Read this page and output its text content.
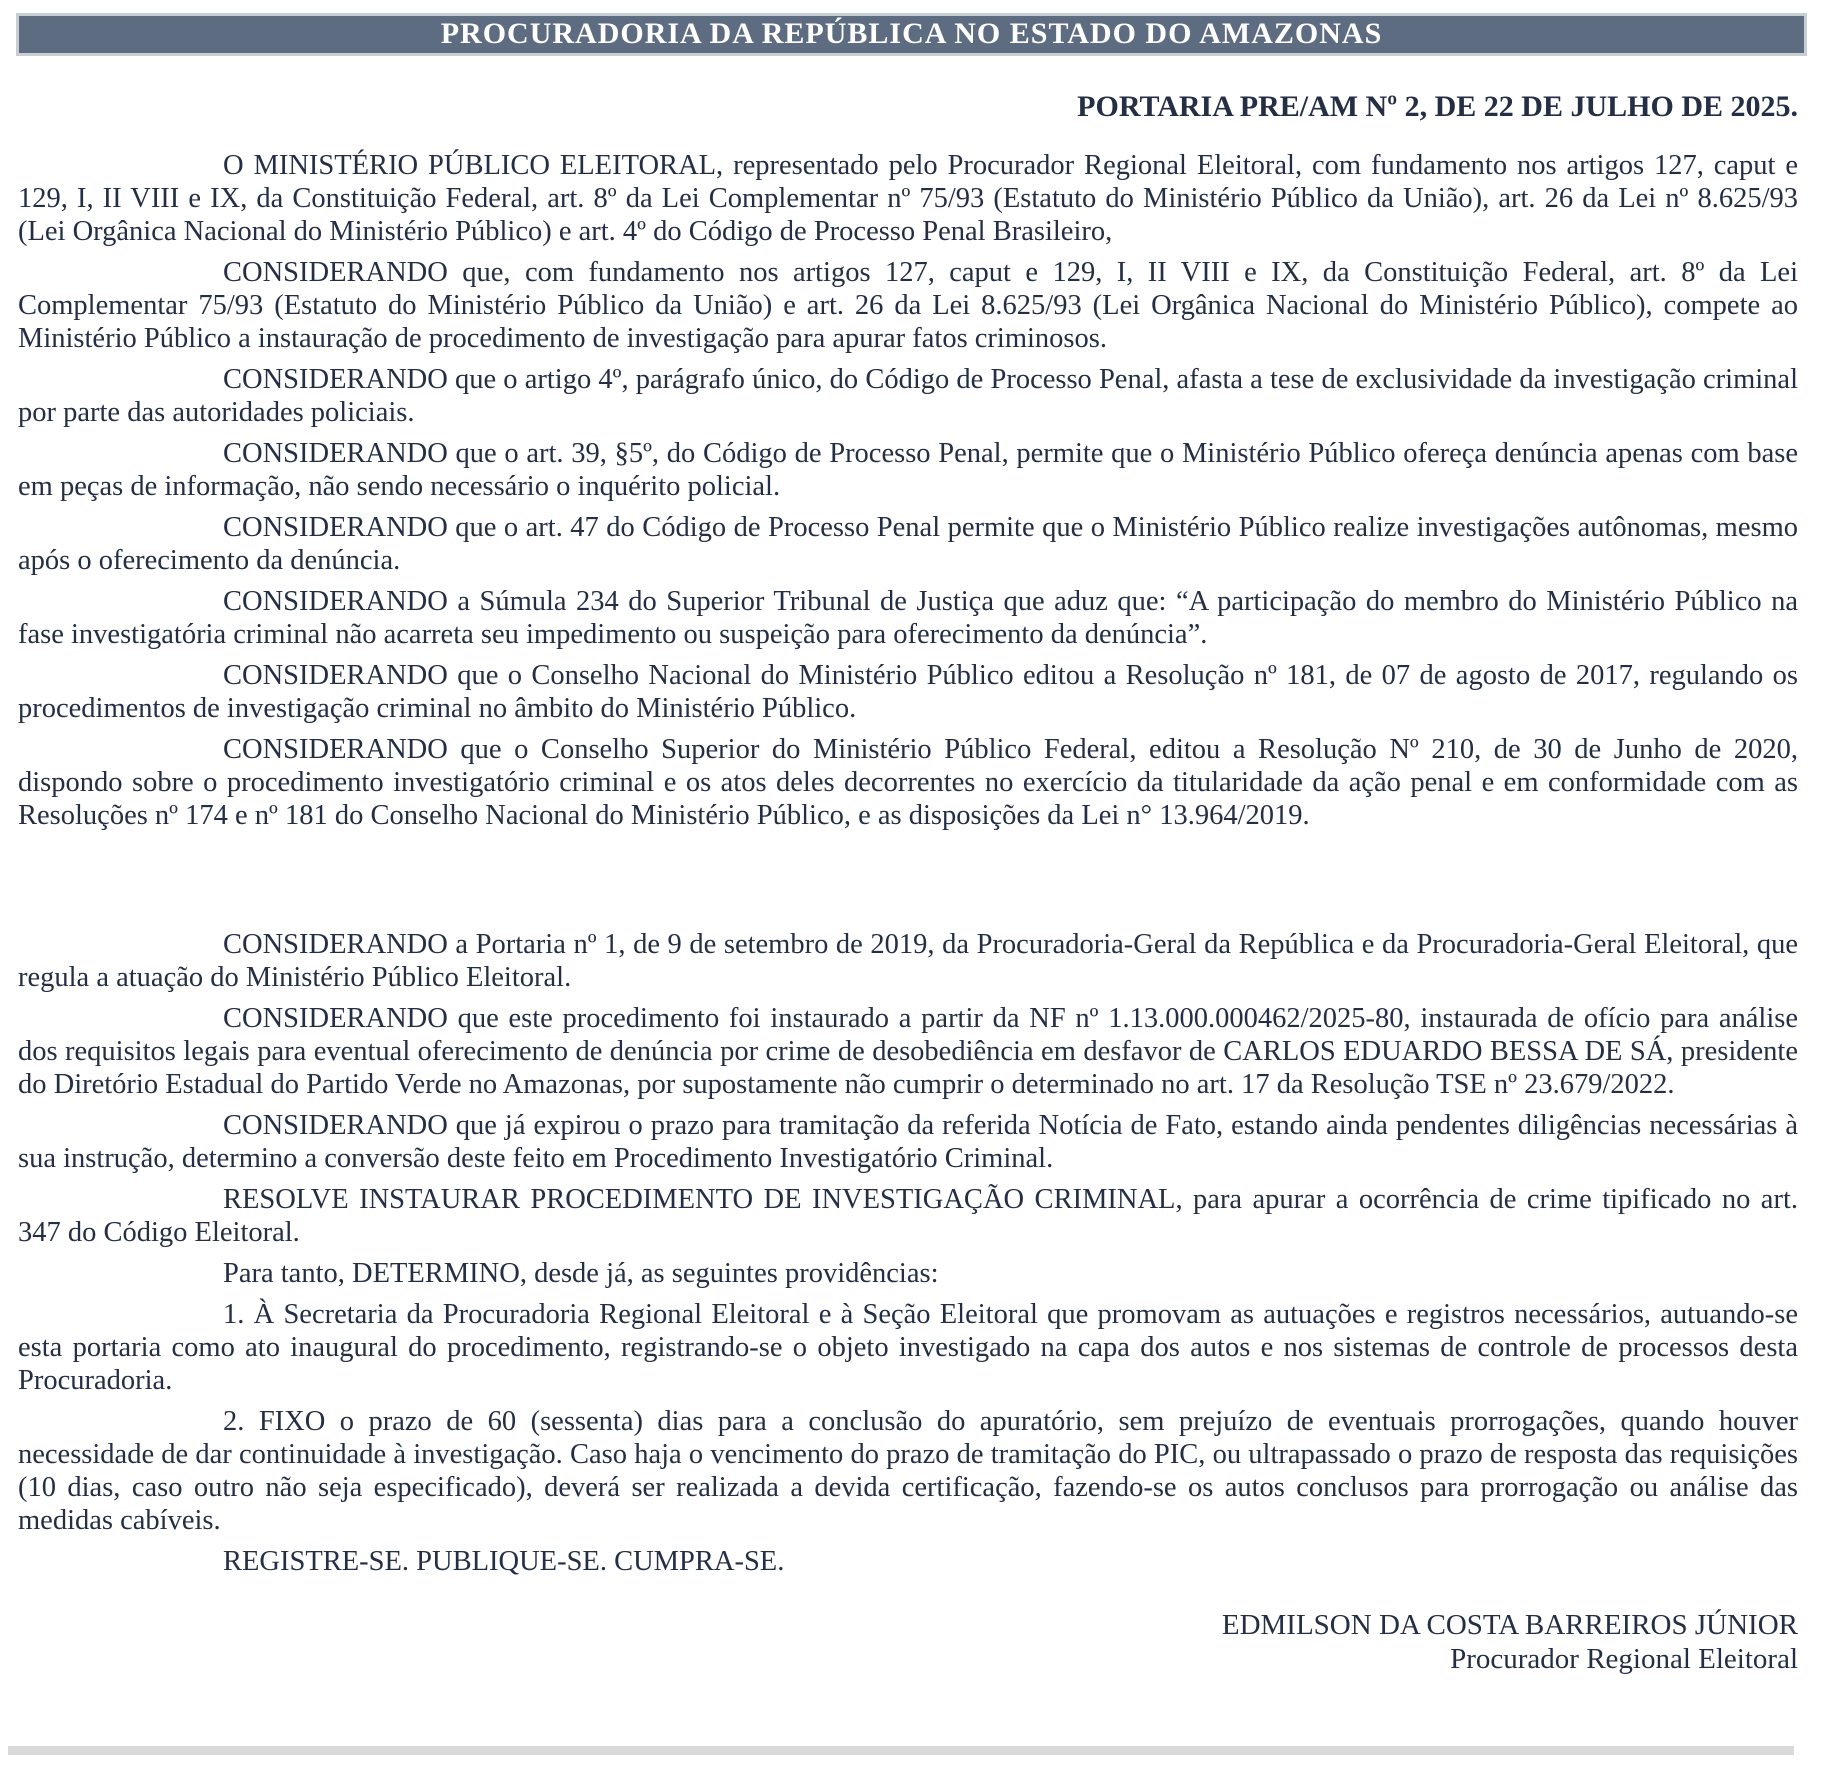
PROCURADORIA DA REPÚBLICA NO ESTADO DO AMAZONAS
PORTARIA PRE/AM Nº 2, DE 22 DE JULHO DE 2025.

O MINISTÉRIO PÚBLICO ELEITORAL, representado pelo Procurador Regional Eleitoral, com fundamento nos artigos 127, caput e 129, I, II VIII e IX, da Constituição Federal, art. 8º da Lei Complementar nº 75/93 (Estatuto do Ministério Público da União), art. 26 da Lei nº 8.625/93 (Lei Orgânica Nacional do Ministério Público) e art. 4º do Código de Processo Penal Brasileiro,

CONSIDERANDO que, com fundamento nos artigos 127, caput e 129, I, II VIII e IX, da Constituição Federal, art. 8º da Lei Complementar 75/93 (Estatuto do Ministério Público da União) e art. 26 da Lei 8.625/93 (Lei Orgânica Nacional do Ministério Público), compete ao Ministério Público a instauração de procedimento de investigação para apurar fatos criminosos.

CONSIDERANDO que o artigo 4º, parágrafo único, do Código de Processo Penal, afasta a tese de exclusividade da investigação criminal por parte das autoridades policiais.

CONSIDERANDO que o art. 39, §5º, do Código de Processo Penal, permite que o Ministério Público ofereça denúncia apenas com base em peças de informação, não sendo necessário o inquérito policial.

CONSIDERANDO que o art. 47 do Código de Processo Penal permite que o Ministério Público realize investigações autônomas, mesmo após o oferecimento da denúncia.

CONSIDERANDO a Súmula 234 do Superior Tribunal de Justiça que aduz que: “A participação do membro do Ministério Público na fase investigatória criminal não acarreta seu impedimento ou suspeição para oferecimento da denúncia”.

CONSIDERANDO que o Conselho Nacional do Ministério Público editou a Resolução nº 181, de 07 de agosto de 2017, regulando os procedimentos de investigação criminal no âmbito do Ministério Público.

CONSIDERANDO que o Conselho Superior do Ministério Público Federal, editou a Resolução Nº 210, de 30 de Junho de 2020, dispondo sobre o procedimento investigatório criminal e os atos deles decorrentes no exercício da titularidade da ação penal e em conformidade com as Resoluções nº 174 e nº 181 do Conselho Nacional do Ministério Público, e as disposições da Lei n° 13.964/2019.

CONSIDERANDO a Portaria nº 1, de 9 de setembro de 2019, da Procuradoria-Geral da República e da Procuradoria-Geral Eleitoral, que regula a atuação do Ministério Público Eleitoral.

CONSIDERANDO que este procedimento foi instaurado a partir da NF nº 1.13.000.000462/2025-80, instaurada de ofício para análise dos requisitos legais para eventual oferecimento de denúncia por crime de desobediência em desfavor de CARLOS EDUARDO BESSA DE SÁ, presidente do Diretório Estadual do Partido Verde no Amazonas, por supostamente não cumprir o determinado no art. 17 da Resolução TSE nº 23.679/2022.

CONSIDERANDO que já expirou o prazo para tramitação da referida Notícia de Fato, estando ainda pendentes diligências necessárias à sua instrução, determino a conversão deste feito em Procedimento Investigatório Criminal.

RESOLVE INSTAURAR PROCEDIMENTO DE INVESTIGAÇÃO CRIMINAL, para apurar a ocorrência de crime tipificado no art. 347 do Código Eleitoral.

Para tanto, DETERMINO, desde já, as seguintes providências:

1. À Secretaria da Procuradoria Regional Eleitoral e à Seção Eleitoral que promovam as autuações e registros necessários, autuando-se esta portaria como ato inaugural do procedimento, registrando-se o objeto investigado na capa dos autos e nos sistemas de controle de processos desta Procuradoria.

2. FIXO o prazo de 60 (sessenta) dias para a conclusão do apuratório, sem prejuízo de eventuais prorrogações, quando houver necessidade de dar continuidade à investigação. Caso haja o vencimento do prazo de tramitação do PIC, ou ultrapassado o prazo de resposta das requisições (10 dias, caso outro não seja especificado), deverá ser realizada a devida certificação, fazendo-se os autos conclusos para prorrogação ou análise das medidas cabíveis.

REGISTRE-SE. PUBLIQUE-SE. CUMPRA-SE.

EDMILSON DA COSTA BARREIROS JÚNIOR
Procurador Regional Eleitoral
